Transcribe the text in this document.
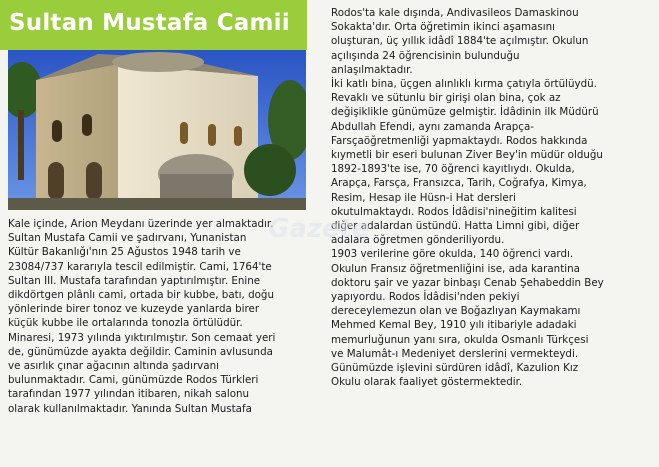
Sultan Mustafa Camii
Kale içinde, Arion Meydanı üzerinde yer almaktadır.
Sultan Mustafa Camii ve şadırvanı, Yunanistan
Kültür Bakanlığı'nın 25 Ağustos 1948 tarih ve
23084/737 kararıyla tescil edilmiştir. Cami, 1764'te
Sultan III. Mustafa tarafından yaptırılmıştır. Enine
dikdörtgen plânlı cami, ortada bir kubbe, batı, doğu
yönlerinde birer tonoz ve kuzeyde yanlarda birer
küçük kubbe ile ortalarında tonozla örtülüdür.
Minaresi, 1973 yılında yıktırılmıştır. Son cemaat yeri
de, günümüzde ayakta değildir. Caminin avlusunda
ve asırlık çınar ağacının altında şadırvanı
bulunmaktadır. Cami, günümüzde Rodos Türkleri
tarafından 1977 yılından itibaren, nikah salonu
olarak kullanılmaktadır. Yanında Sultan Mustafa
Rodos'ta kale dışında, Andivasileos Damaskinou
Sokakta'dır. Orta öğretimin ikinci aşamasını
oluşturan, üç yıllık idâdî 1884'te açılmıştır. Okulun
açılışında 24 öğrencisinin bulunduğu
anlaşılmaktadır.
İki katlı bina, üçgen alınlıklı kırma çatıyla örtülüydü.
Revaklı ve sütunlu bir girişi olan bina, çok az
değişiklikle günümüze gelmiştir. İdâdinin ilk Müdürü
Abdullah Efendi, aynı zamanda Arapça-
Farsçaöğretmenliği yapmaktaydı. Rodos hakkında
kıymetli bir eseri bulunan Ziver Bey'in müdür olduğu
1892-1893'te ise, 70 öğrenci kayıtlıydı. Okulda,
Arapça, Farsça, Fransızca, Tarih, Coğrafya, Kimya,
Resim, Hesap ile Hüsn-i Hat dersleri
okutulmaktaydı. Rodos İdâdisi'nineğitim kalitesi
diğer adalardan üstündü. Hatta Limni gibi, diğer
adalara öğretmen gönderiliyordu.
1903 verilerine göre okulda, 140 öğrenci vardı.
Okulun Fransız öğretmenliğini ise, ada karantina
doktoru şair ve yazar binbaşı Cenab Şehabeddin Bey
yapıyordu. Rodos İdâdisi'nden pekiyi
dereceylemezun olan ve Boğazlıyan Kaymakamı
Mehmed Kemal Bey, 1910 yılı itibariyle adadaki
memurluğunun yanı sıra, okulda Osmanlı Türkçesi
ve Malumât-ı Medeniyet derslerini vermekteydi.
Günümüzde işlevini sürdüren idâdî, Kazulion Kız
Okulu olarak faaliyet göstermektedir.
Gazete
